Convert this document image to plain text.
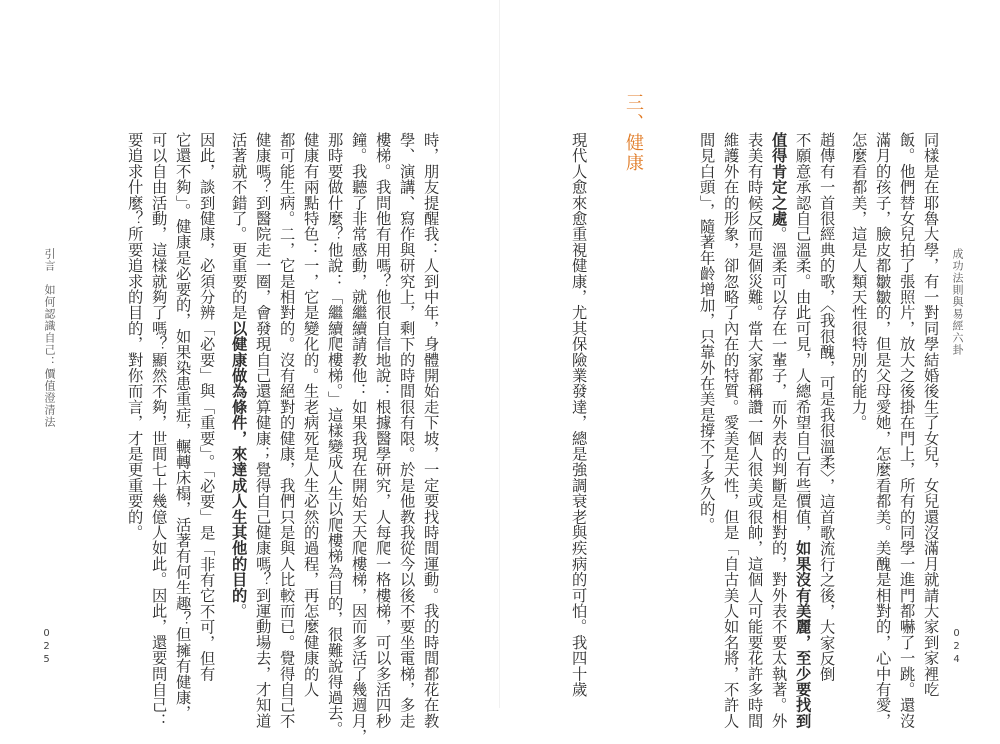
成功法則與易經六卦
024
同樣是在耶魯大學，有一對同學結婚後生了女兒，女兒還沒滿月就請大家到家裡吃
飯。他們替女兒拍了張照片，放大之後掛在門上，所有的同學一進門都嚇了一跳。還沒
滿月的孩子，臉皮都皺皺的，但是父母愛她，怎麼看都美。美醜是相對的，心中有愛，
怎麼看都美，這是人類天性很特別的能力。
趙傳有一首很經典的歌，〈我很醜，可是我很溫柔〉，這首歌流行之後，大家反倒
不願意承認自己溫柔。由此可見，人總希望自己有些價值，如果沒有美麗，至少要找到
值得肯定之處。溫柔可以存在一輩子，而外表的判斷是相對的，對外表不要太執著。外
表美有時候反而是個災難。當大家都稱讚一個人很美或很帥，這個人可能要花許多時間
維護外在的形象，卻忽略了內在的特質。愛美是天性，但是「自古美人如名將，不許人
間見白頭」，隨著年齡增加，只靠外在美是撐不了多久的。
三、健康
現代人愈來愈重視健康，尤其保險業發達，總是強調衰老與疾病的可怕。我四十歲
引言　如何認識自己：價值澄清法
025	時，朋友提醒我：人到中年，身體開始走下坡，一定要找時間運動。我的時間都花在教
學、演講、寫作與研究上，剩下的時間很有限。於是他教我從今以後不要坐電梯，多走
樓梯。我問他有用嗎？他很自信地說：根據醫學研究，人每爬一格樓梯，可以多活四秒
鐘。我聽了非常感動，就繼續請教他：如果我現在開始天天爬樓梯，因而多活了幾週月，
那時要做什麼？他說：「繼續爬樓梯。」這樣變成人生以爬樓梯為目的，很難說得過去。
健康有兩點特色：一，它是變化的。生老病死是人生必然的過程，再怎麼健康的人
都可能生病。二，它是相對的。沒有絕對的健康，我們只是與人比較而已。覺得自己不
健康嗎？到醫院走一圈，會發現自己還算健康；覺得自己健康嗎？到運動場去，才知道
活著就不錯了。更重要的是以健康做為條件，來達成人生其他的目的。
因此，談到健康，必須分辨「必要」與「重要」。「必要」是「非有它不可，但有
它還不夠」。健康是必要的，如果染患重症，輾轉床榻，活著有何生趣？但擁有健康，
可以自由活動，這樣就夠了嗎？顯然不夠，世間七十幾億人如此。因此，還要問自己：
要追求什麼？所要追求的目的，對你而言，才是更重要的。
